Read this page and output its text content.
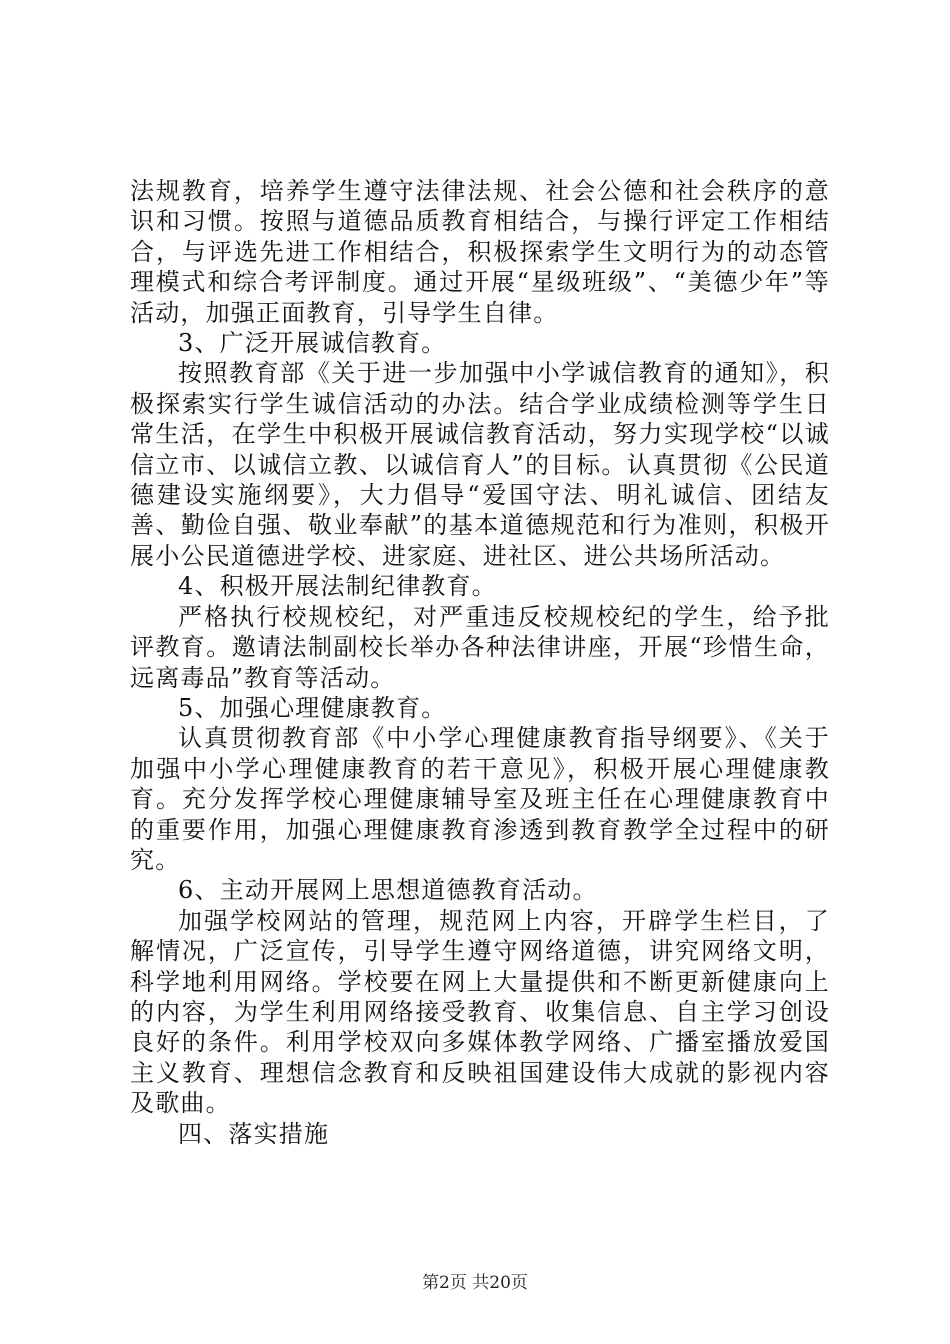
法规教育，培养学生遵守法律法规、社会公德和社会秩序的意识和习惯。按照与道德品质教育相结合，与操行评定工作相结合，与评选先进工作相结合，积极探索学生文明行为的动态管理模式和综合考评制度。通过开展“星级班级”、“美德少年”等活动，加强正面教育，引导学生自律。

3、广泛开展诚信教育。

按照教育部《关于进一步加强中小学诚信教育的通知》，积极探索实行学生诚信活动的办法。结合学业成绩检测等学生日常生活，在学生中积极开展诚信教育活动，努力实现学校“以诚信立市、以诚信立教、以诚信育人”的目标。认真贯彻《公民道德建设实施纲要》，大力倡导“爱国守法、明礼诚信、团结友善、勤俭自强、敬业奉献”的基本道德规范和行为准则，积极开展小公民道德进学校、进家庭、进社区、进公共场所活动。

4、积极开展法制纪律教育。

严格执行校规校纪，对严重违反校规校纪的学生，给予批评教育。邀请法制副校长举办各种法律讲座，开展“珍惜生命，远离毒品”教育等活动。

5、加强心理健康教育。

认真贯彻教育部《中小学心理健康教育指导纲要》、《关于加强中小学心理健康教育的若干意见》，积极开展心理健康教育。充分发挥学校心理健康辅导室及班主任在心理健康教育中的重要作用，加强心理健康教育渗透到教育教学全过程中的研究。

6、主动开展网上思想道德教育活动。

加强学校网站的管理，规范网上内容，开辟学生栏目，了解情况，广泛宣传，引导学生遵守网络道德，讲究网络文明，科学地利用网络。学校要在网上大量提供和不断更新健康向上的内容，为学生利用网络接受教育、收集信息、自主学习创设良好的条件。利用学校双向多媒体教学网络、广播室播放爱国主义教育、理想信念教育和反映祖国建设伟大成就的影视内容及歌曲。

四、落实措施

第2页 共20页
